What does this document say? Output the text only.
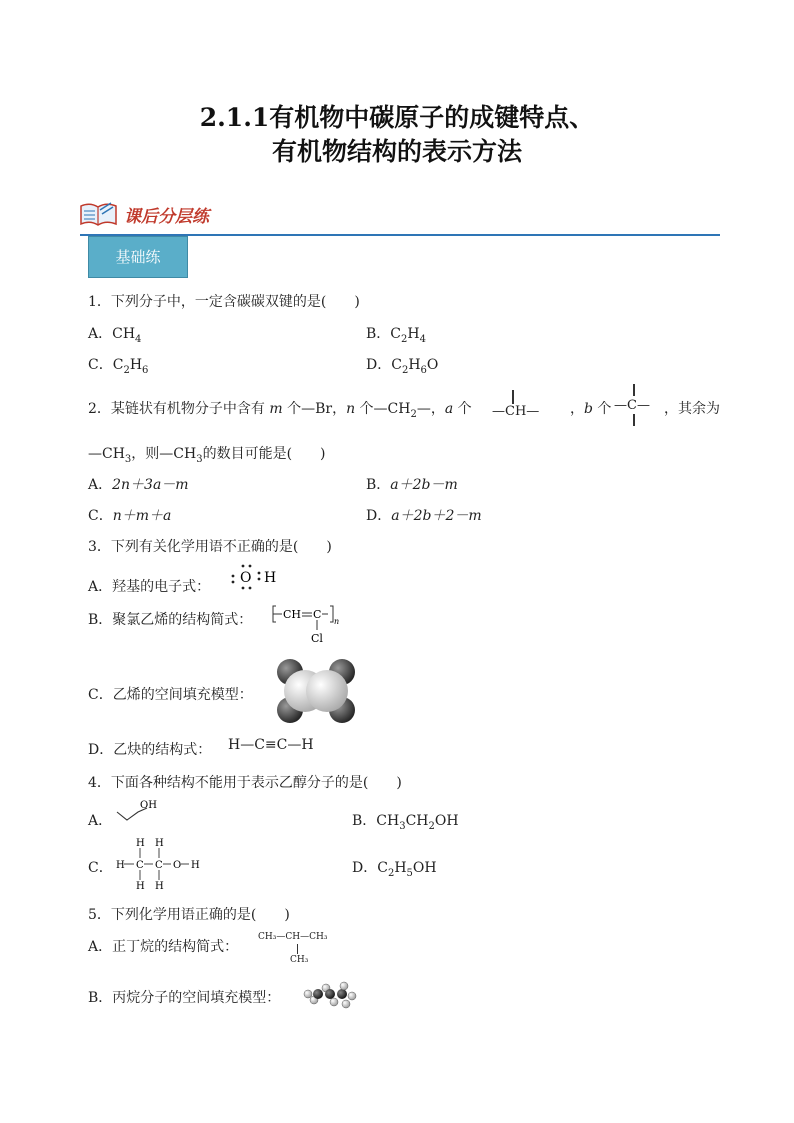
2.1.1有机物中碳原子的成键特点、
有机物结构的表示方法
课后分层练
基础练
1．下列分子中，一定含碳碳双键的是(　　)
A．$CH_4$	B．$C_2H_4$
C．$C_2H_6$	D．$C_2H_6O$
2．某链状有机物分子中含有 m 个—Br，n 个$—CH_2—$，a 个 —CH— ，b 个 —C— ，其余为
$—CH_3$，则$—CH_3$的数目可能是(　　)
A．2n＋3a－m	B．a＋2b－m
C．n＋m＋a	D．a＋2b＋2－m
3．下列有关化学用语不正确的是(　　)
A．羟基的电子式：
O H
B．聚氯乙烯的结构简式：	CH C
n
Cl
C．乙烯的空间填充模型：
D．乙炔的结构式： H—C≡C—H
4．下面各种结构不能用于表示乙醇分子的是(　　)
A．
OH
B．$CH_3CH_2OH$
C．
H H
H C C O H
H H
D．$C_2H_5OH$
5．下列化学用语正确的是(　　)
A．正丁烷的结构简式：
CH₃—CH—CH₃
CH₃
B．丙烷分子的空间填充模型：
